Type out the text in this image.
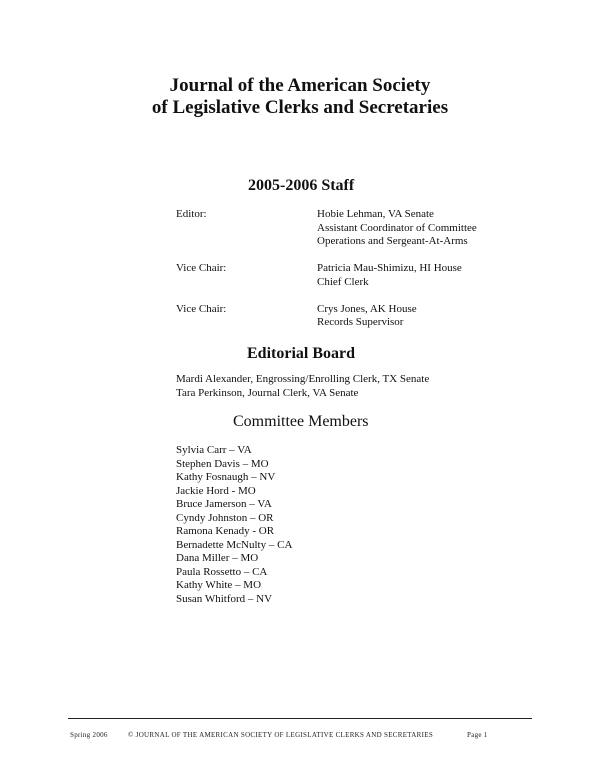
Journal of the American Society
of Legislative Clerks and Secretaries
2005-2006 Staff
Editor:	Hobie Lehman, VA Senate
Assistant Coordinator of Committee
Operations and Sergeant-At-Arms
Vice Chair:	Patricia Mau-Shimizu, HI House
Chief Clerk
Vice Chair:	Crys Jones, AK House
Records Supervisor
Editorial Board
Mardi Alexander, Engrossing/Enrolling Clerk, TX Senate
Tara Perkinson, Journal Clerk, VA Senate
Committee Members
Sylvia Carr – VA
Stephen Davis – MO
Kathy Fosnaugh – NV
Jackie Hord - MO
Bruce Jamerson – VA
Cyndy Johnston – OR
Ramona Kenady - OR
Bernadette McNulty – CA
Dana Miller – MO
Paula Rossetto – CA
Kathy White – MO
Susan Whitford – NV
Spring 2006	© JOURNAL OF THE AMERICAN SOCIETY OF LEGISLATIVE CLERKS AND SECRETARIES	Page 1
